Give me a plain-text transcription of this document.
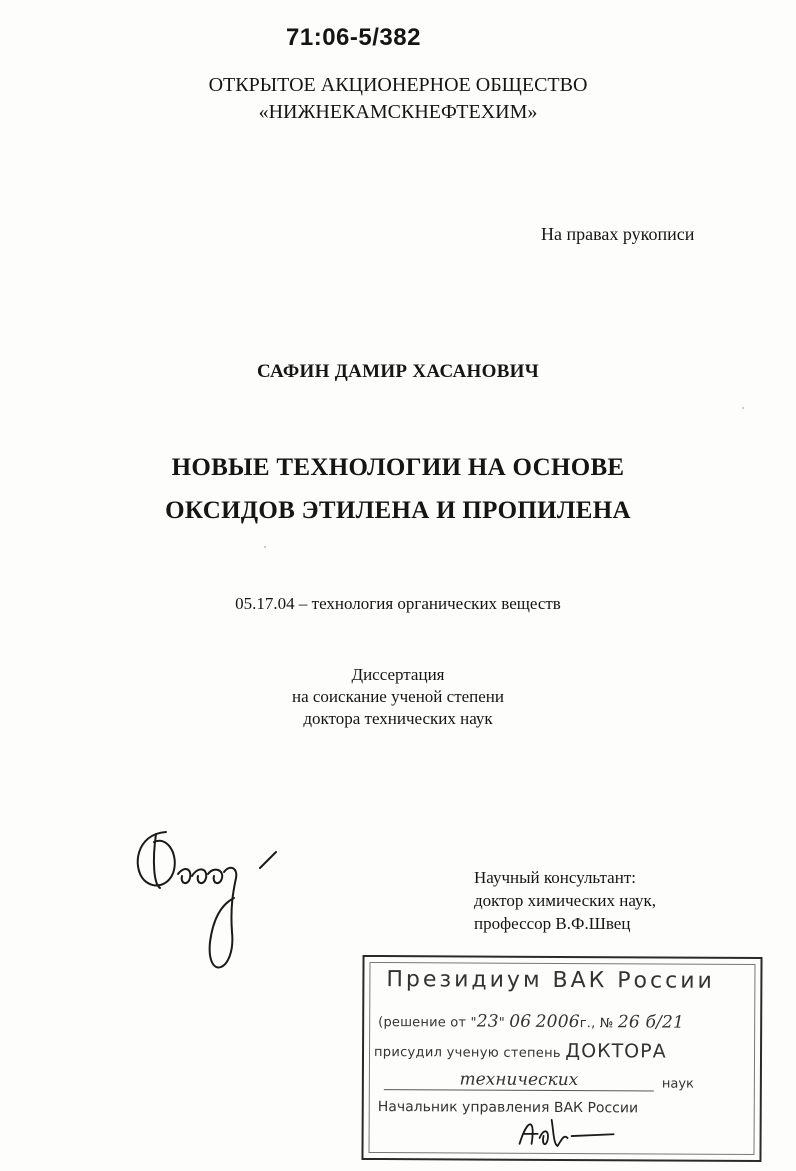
71:06-5/382
ОТКРЫТОЕ АКЦИОНЕРНОЕ ОБЩЕСТВО
«НИЖНЕКАМСКНЕФТЕХИМ»
На правах рукописи
САФИН ДАМИР ХАСАНОВИЧ
НОВЫЕ ТЕХНОЛОГИИ НА ОСНОВЕ
ОКСИДОВ ЭТИЛЕНА И ПРОПИЛЕНА
05.17.04 – технология органических веществ
Диссертация
на соискание ученой степени
доктора технических наук
Научный консультант:
доктор химических наук,
профессор В.Ф.Швец
Президиум ВАК России
(решение от "23" 06 2006г., № 26 б/21
присудил ученую степень ДОКТОРА
технических	наук
Начальник управления ВАК России
